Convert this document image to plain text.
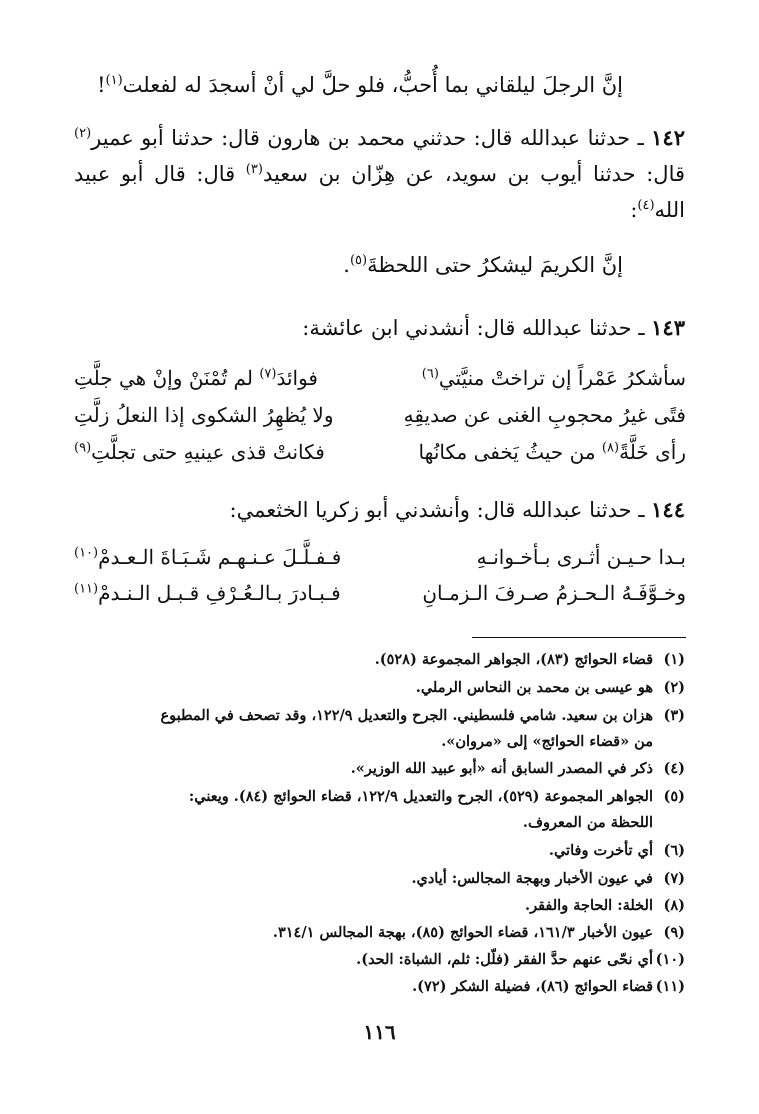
إنَّ الرجلَ ليلقاني بما أُحبُّ، فلو حلَّ لي أنْ أسجدَ له لفعلت$^{(١)}$!
١٤٢ ـ حدثنا عبدالله قال: حدثني محمد بن هارون قال: حدثنا أبو عمير$^{(٢)}$ قال: حدثنا أيوب بن سويد، عن هِزّان بن سعيد$^{(٣)}$ قال: قال أبو عبيد الله$^{(٤)}$:
إنَّ الكريمَ ليشكرُ حتى اللحظةَ$^{(٥)}$.
١٤٣ ـ حدثنا عبدالله قال: أنشدني ابن عائشة:
سأشكرُ عَمْراً إن تراختْ منيَّتي$^{(٦)}$
فوائدَ$^{(٧)}$ لم تُمْنَنْ وإنْ هي جلَّتِ
فتًى غيرُ محجوبِ الغنى عن صديقِهِ
ولا يُظهِرُ الشكوى إذا النعلُ زلَّتِ
رأى خَلَّةً$^{(٨)}$ من حيثُ يَخفى مكانُها
فكانتْ قذى عينيهِ حتى تجلَّتِ$^{(٩)}$
١٤٤ ـ حدثنا عبدالله قال: وأنشدني أبو زكريا الخثعمي:
بـدا حـيـن أثـرى بـأخـوانـهِ
فـفـلَّـلَ عـنـهـم شَـبَـاةَ الـعـدمْ$^{(١٠)}$
وخـوَّفَـهُ الـحـزمُ صـرفَ الـزمـانِ
فـبـادرَ بـالـعُـرْفِ قـبـل الـنـدمْ$^{(١١)}$
(١)قضاء الحوائج (٨٣)، الجواهر المجموعة (٥٢٨).
(٢)هو عيسى بن محمد بن النحاس الرملي.
(٣)هزان بن سعيد. شامي فلسطيني. الجرح والتعديل ١٢٢/٩، وقد تصحف في المطبوع
من «قضاء الحوائج» إلى «مروان».
(٤)ذكر في المصدر السابق أنه «أبو عبيد الله الوزير».
(٥)الجواهر المجموعة (٥٢٩)، الجرح والتعديل ١٢٢/٩، قضاء الحوائج (٨٤). ويعني:
اللحظة من المعروف.
(٦)أي تأخرت وفاتي.
(٧)في عيون الأخبار وبهجة المجالس: أيادي.
(٨)الخلة: الحاجة والفقر.
(٩)عيون الأخبار ١٦١/٣، قضاء الحوائج (٨٥)، بهجة المجالس ٣١٤/١.
(١٠)أي نحّى عنهم حدَّ الفقر (فلّل: ثلم، الشباة: الحد).
(١١)قضاء الحوائج (٨٦)، فضيلة الشكر (٧٢).
١١٦
